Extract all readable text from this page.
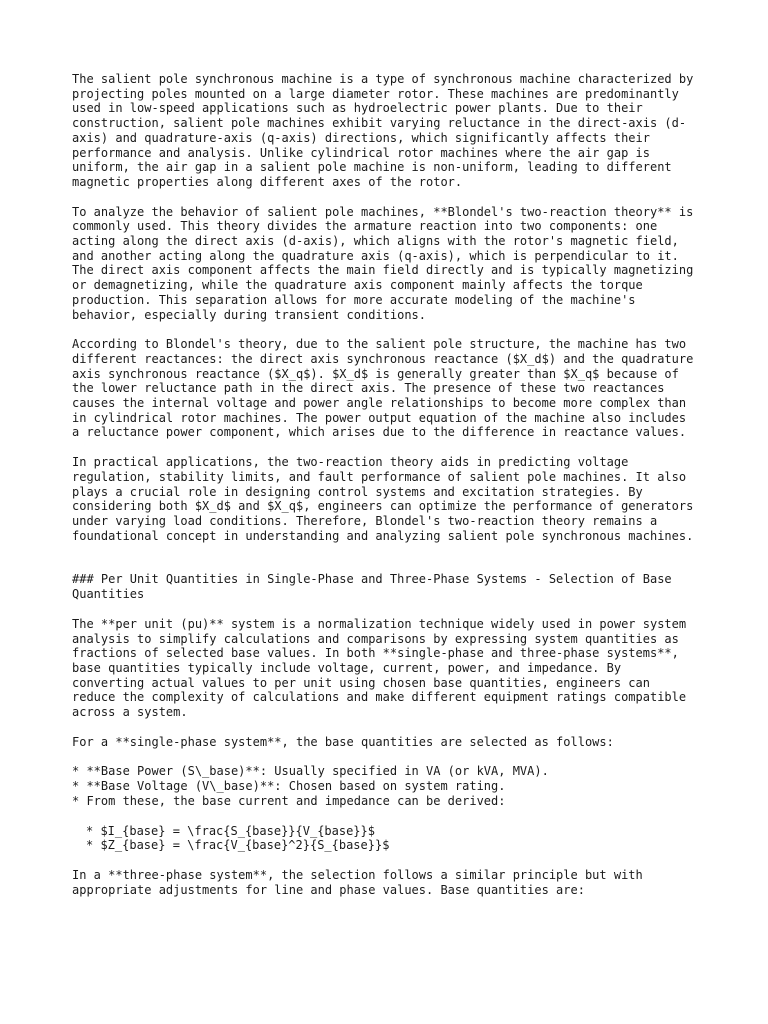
The salient pole synchronous machine is a type of synchronous machine characterized by projecting poles mounted on a large diameter rotor. These machines are predominantly used in low-speed applications such as hydroelectric power plants. Due to their construction, salient pole machines exhibit varying reluctance in the direct-axis (d-axis) and quadrature-axis (q-axis) directions, which significantly affects their performance and analysis. Unlike cylindrical rotor machines where the air gap is uniform, the air gap in a salient pole machine is non-uniform, leading to different magnetic properties along different axes of the rotor.

To analyze the behavior of salient pole machines, **Blondel's two-reaction theory** is commonly used. This theory divides the armature reaction into two components: one acting along the direct axis (d-axis), which aligns with the rotor's magnetic field, and another acting along the quadrature axis (q-axis), which is perpendicular to it. The direct axis component affects the main field directly and is typically magnetizing or demagnetizing, while the quadrature axis component mainly affects the torque production. This separation allows for more accurate modeling of the machine's behavior, especially during transient conditions.

According to Blondel's theory, due to the salient pole structure, the machine has two different reactances: the direct axis synchronous reactance ($X_d$) and the quadrature axis synchronous reactance ($X_q$). $X_d$ is generally greater than $X_q$ because of the lower reluctance path in the direct axis. The presence of these two reactances causes the internal voltage and power angle relationships to become more complex than in cylindrical rotor machines. The power output equation of the machine also includes a reluctance power component, which arises due to the difference in reactance values.

In practical applications, the two-reaction theory aids in predicting voltage regulation, stability limits, and fault performance of salient pole machines. It also plays a crucial role in designing control systems and excitation strategies. By considering both $X_d$ and $X_q$, engineers can optimize the performance of generators under varying load conditions. Therefore, Blondel's two-reaction theory remains a foundational concept in understanding and analyzing salient pole synchronous machines.

### Per Unit Quantities in Single-Phase and Three-Phase Systems - Selection of Base Quantities

The **per unit (pu)** system is a normalization technique widely used in power system analysis to simplify calculations and comparisons by expressing system quantities as fractions of selected base values. In both **single-phase and three-phase systems**, base quantities typically include voltage, current, power, and impedance. By converting actual values to per unit using chosen base quantities, engineers can reduce the complexity of calculations and make different equipment ratings compatible across a system.

For a **single-phase system**, the base quantities are selected as follows:

* **Base Power (S\_base)**: Usually specified in VA (or kVA, MVA).
* **Base Voltage (V\_base)**: Chosen based on system rating.
* From these, the base current and impedance can be derived:
* $I_{base} = \frac{S_{base}}{V_{base}}$
* $Z_{base} = \frac{V_{base}^2}{S_{base}}$

In a **three-phase system**, the selection follows a similar principle but with appropriate adjustments for line and phase values. Base quantities are:
